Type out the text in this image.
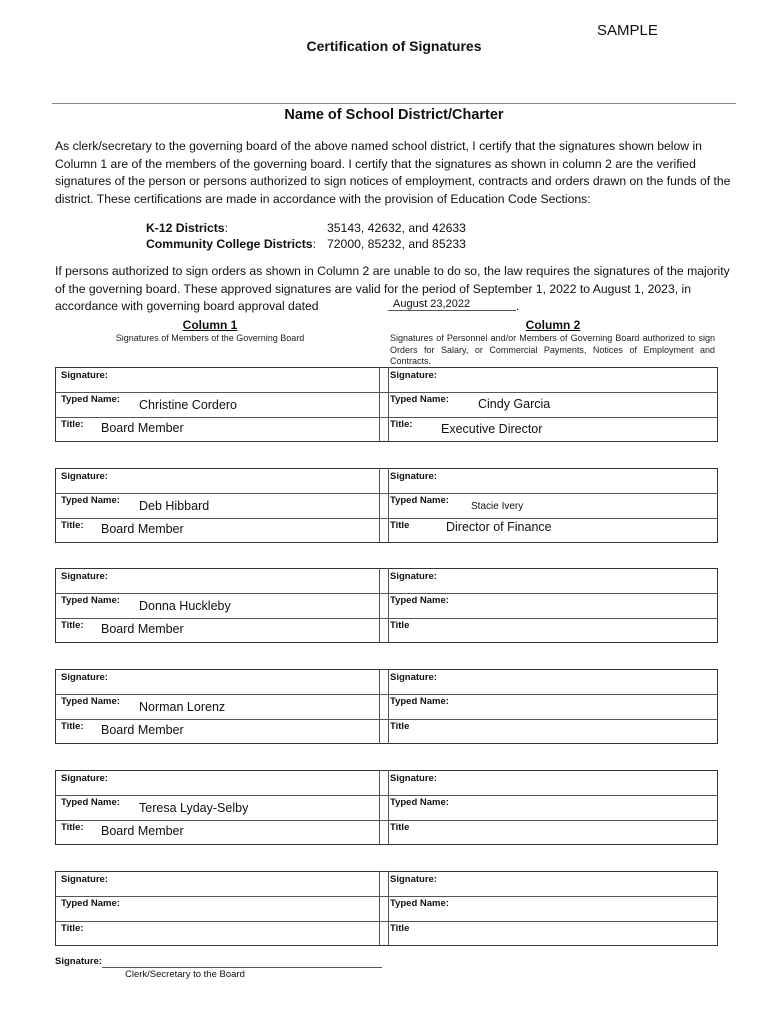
SAMPLE
Certification of Signatures
Name of School District/Charter
As clerk/secretary to the governing board of the above named school district, I certify that the signatures shown below in Column 1 are of the members of the governing board. I certify that the signatures as shown in column 2 are the verified signatures of the person or persons authorized to sign notices of employment, contracts and orders drawn on the funds of the district. These certifications are made in accordance with the provision of Education Code Sections:
K-12 Districts:	35143, 42632, and 42633
Community College Districts: 72000, 85232, and 85233
If persons authorized to sign orders as shown in Column 2 are unable to do so, the law requires the signatures of the majority of the governing board. These approved signatures are valid for the period of September 1, 2022 to August 1, 2023, in accordance with governing board approval dated	August 23,2022	.
Column 1
Signatures of Members of the Governing Board
Column 2
Signatures of Personnel and/or Members of Governing Board authorized to sign Orders for Salary, or Commercial Payments, Notices of Employment and Contracts.
Signature:
Typed Name: Christine Cordero
Title: Board Member
Signature:
Typed Name: Cindy Garcia
Title: Executive Director
Signature:
Typed Name: Deb Hibbard
Title: Board Member
Signature:
Typed Name:
Stacie Ivery
Title	Director of Finance
Signature:
Typed Name: Donna Huckleby
Title: Board Member
Signature:
Typed Name:
Title
Signature:
Typed Name: Norman Lorenz
Title: Board Member
Signature:
Typed Name:
Title
Signature:
Typed Name: Teresa Lyday-Selby
Title: Board Member
Signature:
Typed Name:
Title
Signature:
Typed Name:
Title:
Signature:
Typed Name:
Title
Signature:
Clerk/Secretary to the Board
